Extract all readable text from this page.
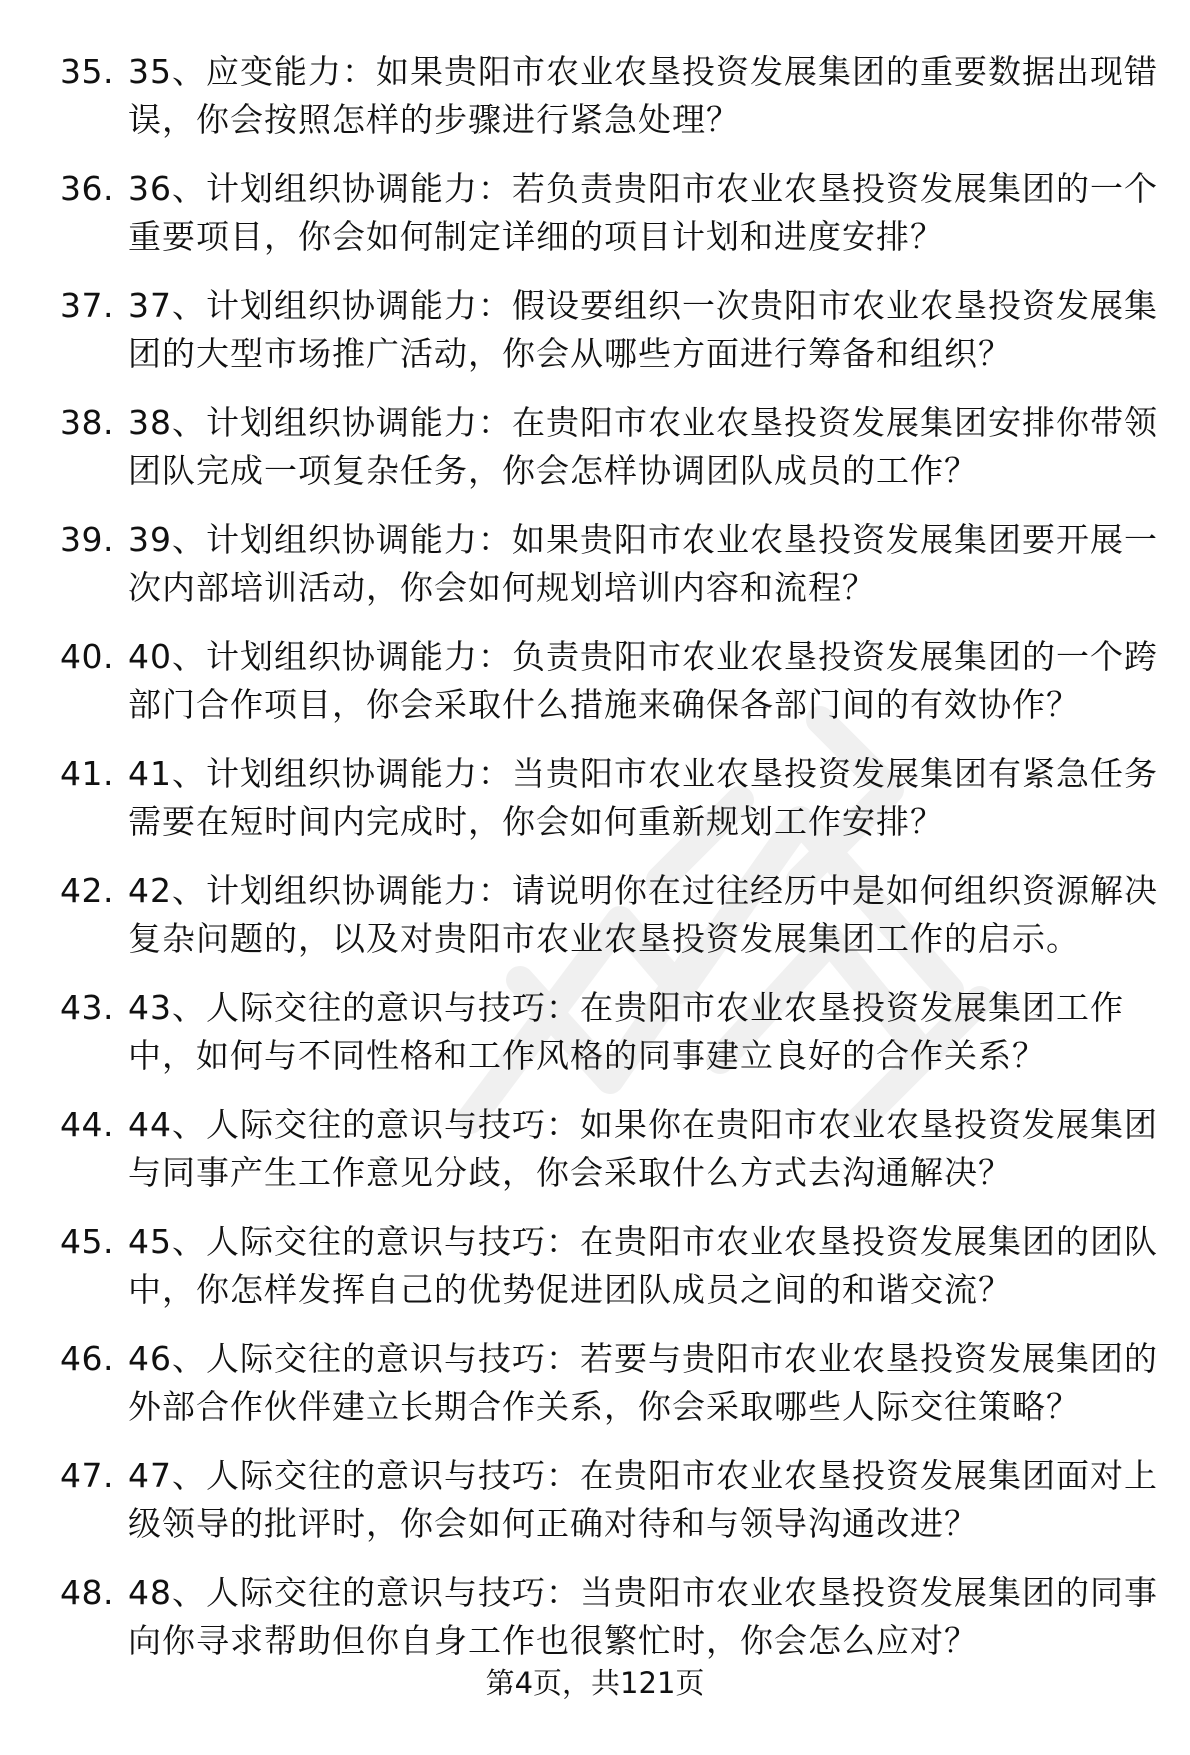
35. 35、应变能力：如果贵阳市农业农垦投资发展集团的重要数据出现错误，你会按照怎样的步骤进行紧急处理？
36. 36、计划组织协调能力：若负责贵阳市农业农垦投资发展集团的一个重要项目，你会如何制定详细的项目计划和进度安排？
37. 37、计划组织协调能力：假设要组织一次贵阳市农业农垦投资发展集团的大型市场推广活动，你会从哪些方面进行筹备和组织？
38. 38、计划组织协调能力：在贵阳市农业农垦投资发展集团安排你带领团队完成一项复杂任务，你会怎样协调团队成员的工作？
39. 39、计划组织协调能力：如果贵阳市农业农垦投资发展集团要开展一次内部培训活动，你会如何规划培训内容和流程？
40. 40、计划组织协调能力：负责贵阳市农业农垦投资发展集团的一个跨部门合作项目，你会采取什么措施来确保各部门间的有效协作？
41. 41、计划组织协调能力：当贵阳市农业农垦投资发展集团有紧急任务需要在短时间内完成时，你会如何重新规划工作安排？
42. 42、计划组织协调能力：请说明你在过往经历中是如何组织资源解决复杂问题的，以及对贵阳市农业农垦投资发展集团工作的启示。
43. 43、人际交往的意识与技巧：在贵阳市农业农垦投资发展集团工作中，如何与不同性格和工作风格的同事建立良好的合作关系？
44. 44、人际交往的意识与技巧：如果你在贵阳市农业农垦投资发展集团与同事产生工作意见分歧，你会采取什么方式去沟通解决？
45. 45、人际交往的意识与技巧：在贵阳市农业农垦投资发展集团的团队中，你怎样发挥自己的优势促进团队成员之间的和谐交流？
46. 46、人际交往的意识与技巧：若要与贵阳市农业农垦投资发展集团的外部合作伙伴建立长期合作关系，你会采取哪些人际交往策略？
47. 47、人际交往的意识与技巧：在贵阳市农业农垦投资发展集团面对上级领导的批评时，你会如何正确对待和与领导沟通改进？
48. 48、人际交往的意识与技巧：当贵阳市农业农垦投资发展集团的同事向你寻求帮助但你自身工作也很繁忙时，你会怎么应对？
第4页，共121页
